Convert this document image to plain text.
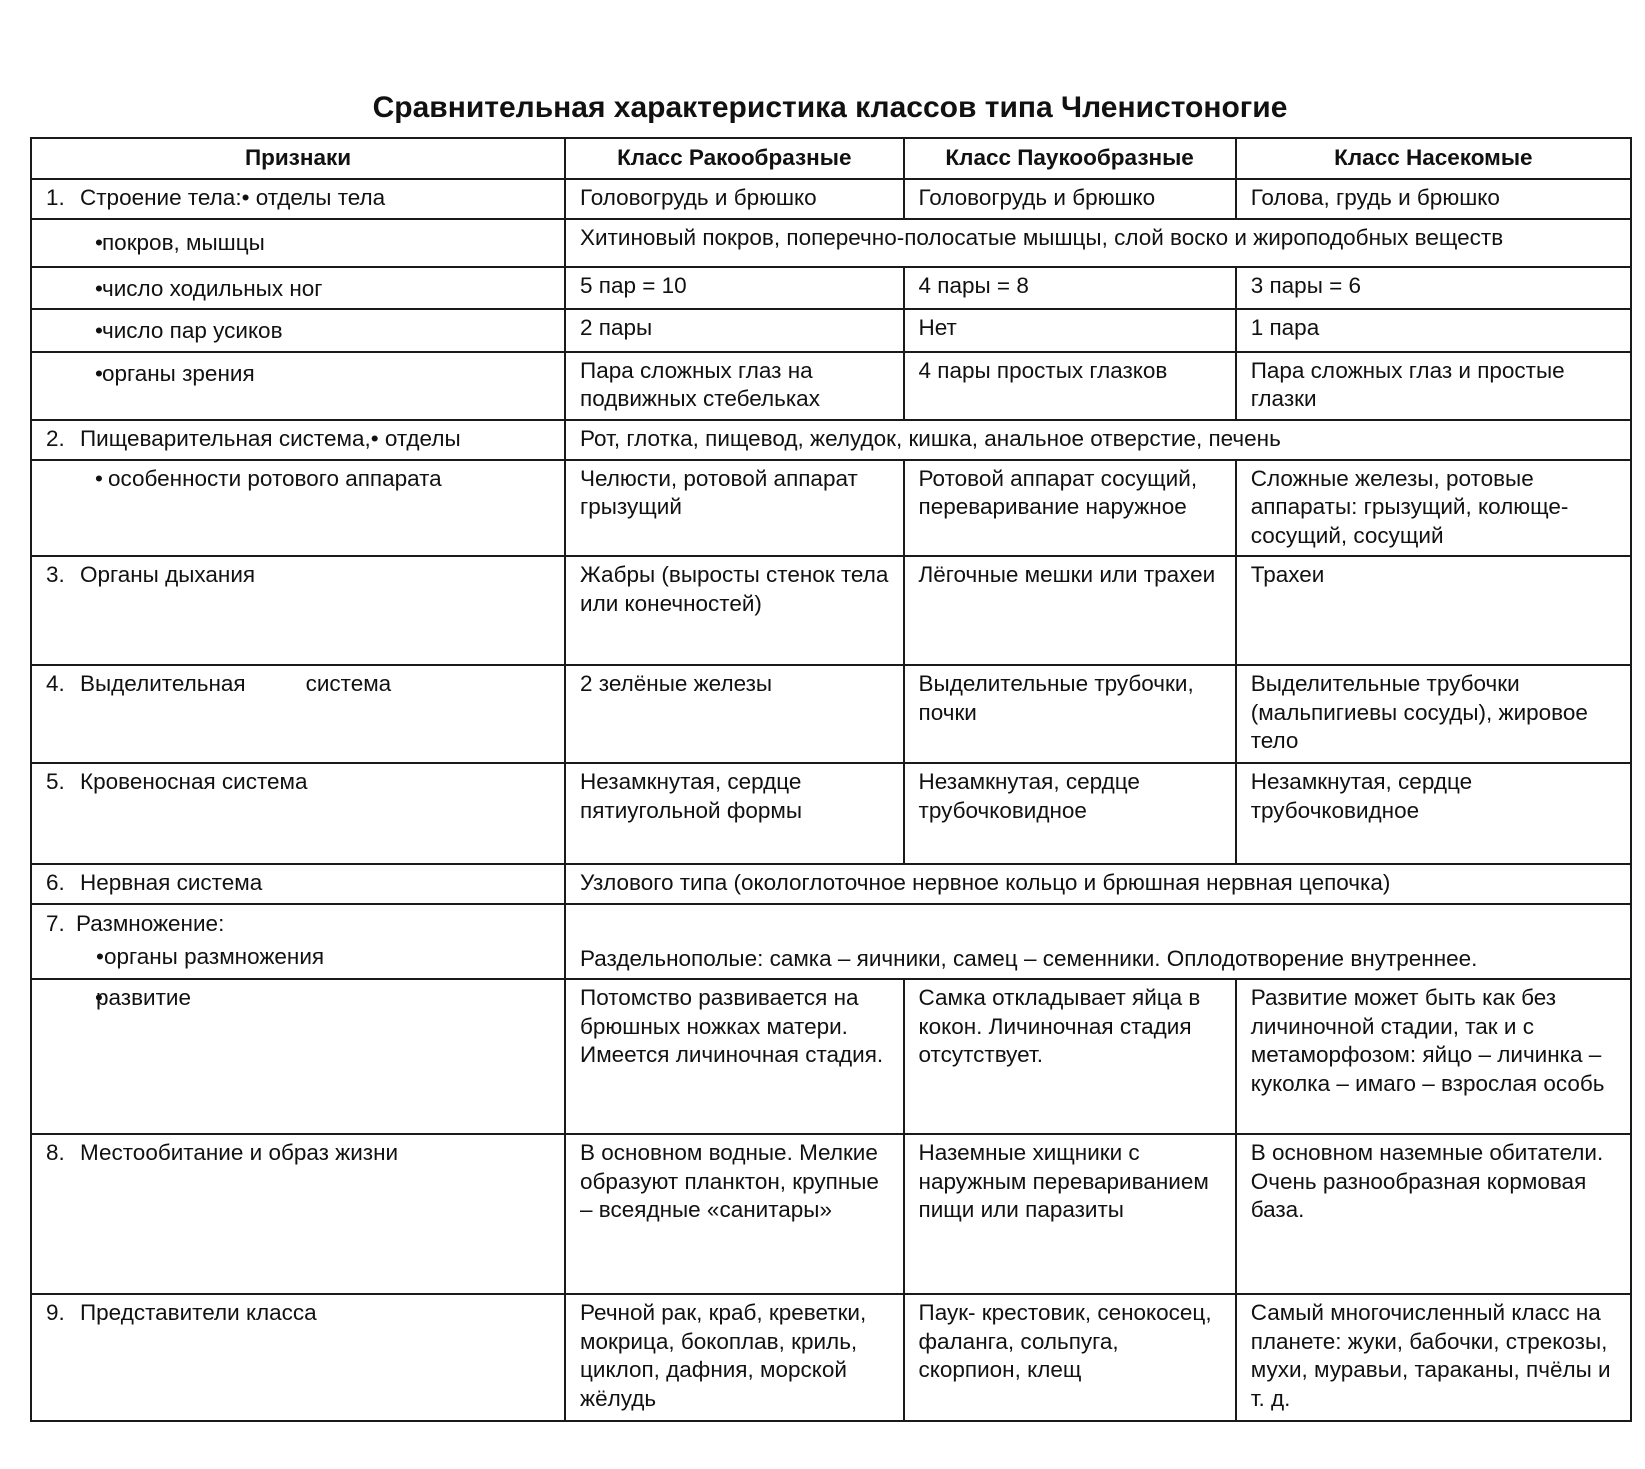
Сравнительная характеристика классов типа Членистоногие
Признаки	Класс Ракообразные	Класс Паукообразные	Класс Насекомые
1. Строение тела:• отделы тела	Головогрудь и брюшко	Головогрудь и брюшко	Голова, грудь и брюшко
• покров, мышцы	Хитиновый покров, поперечно-полосатые мышцы, слой воско и жироподобных веществ		
• число ходильных ног	5 пар = 10	4 пары = 8	3 пары = 6
• число пар усиков	2 пары	Нет	1 пара
• органы зрения	Пара сложных глаз на подвижных стебельках	4 пары простых глазков	Пара сложных глаз и простые глазки
2. Пищеварительная система,• отделы	Рот, глотка, пищевод, желудок, кишка, анальное отверстие, печень		
• особенности ротового аппарата	Челюсти, ротовой аппарат грызущий	Ротовой аппарат сосущий, переваривание наружное	Сложные железы, ротовые аппараты: грызущий, колюще-сосущий, сосущий
3. Органы дыхания	Жабры (выросты стенок тела или конечностей)	Лёгочные мешки или трахеи	Трахеи
4. Выделительная система	2 зелёные железы	Выделительные трубочки, почки	Выделительные трубочки (мальпигиевы сосуды), жировое тело
5. Кровеносная система	Незамкнутая, сердце пятиугольной формы	Незамкнутая, сердце трубочковидное	Незамкнутая, сердце трубочковидное
6. Нервная система	Узлового типа (окологлоточное нервное кольцо и брюшная нервная цепочка)		
7. Размножение:
• органы размножения	Раздельнополые: самка – яичники, самец – семенники. Оплодотворение внутреннее.		
• развитие	Потомство развивается на брюшных ножках матери. Имеется личиночная стадия.	Самка откладывает яйца в кокон. Личиночная стадия отсутствует.	Развитие может быть как без личиночной стадии, так и с метаморфозом: яйцо – личинка – куколка – имаго – взрослая особь
8. Местообитание и образ жизни	В основном водные. Мелкие образуют планктон, крупные – всеядные «санитары»	Наземные хищники с наружным перевариванием пищи или паразиты	В основном наземные обитатели. Очень разнообразная кормовая база.
9. Представители класса	Речной рак, краб, креветки, мокрица, бокоплав, криль, циклоп, дафния, морской жёлудь	Паук- крестовик, сенокосец, фаланга, сольпуга, скорпион, клещ	Самый многочисленный класс на планете: жуки, бабочки, стрекозы, мухи, муравьи, тараканы, пчёлы и т. д.
